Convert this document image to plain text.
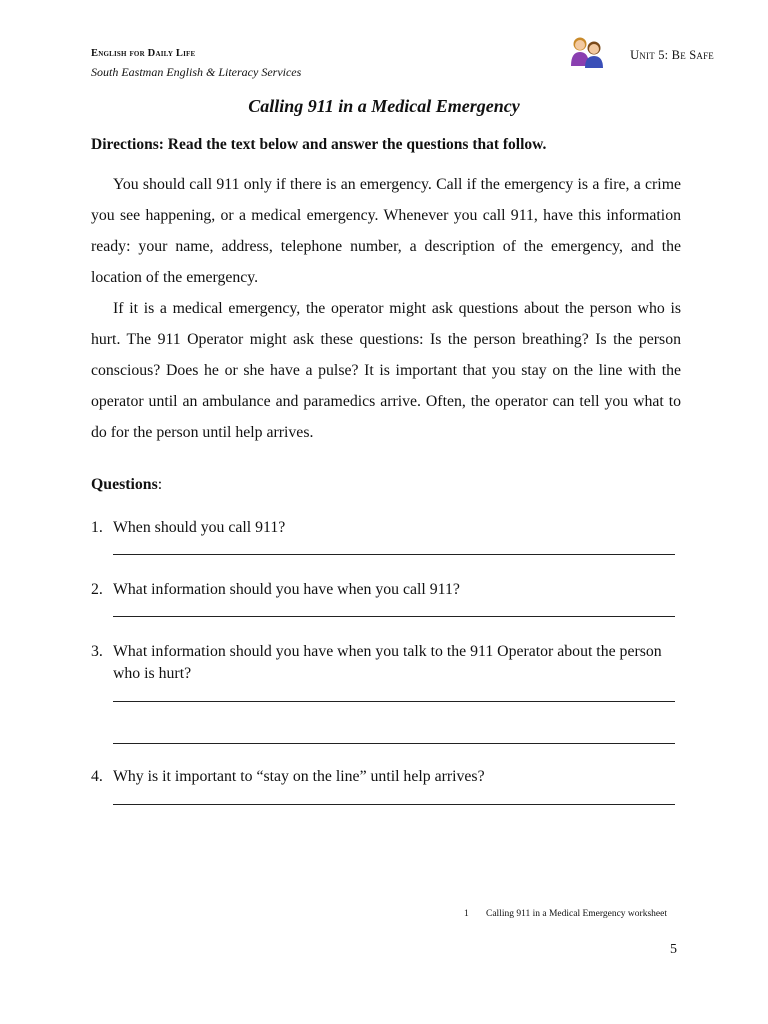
English for Daily Life
South Eastman English & Literacy Services
Unit 5: Be Safe
Calling 911 in a Medical Emergency
Directions: Read the text below and answer the questions that follow.
You should call 911 only if there is an emergency. Call if the emergency is a fire, a crime you see happening, or a medical emergency. Whenever you call 911, have this information ready: your name, address, telephone number, a description of the emergency, and the location of the emergency.
If it is a medical emergency, the operator might ask questions about the person who is hurt. The 911 Operator might ask these questions: Is the person breathing? Is the person conscious? Does he or she have a pulse? It is important that you stay on the line with the operator until an ambulance and paramedics arrive. Often, the operator can tell you what to do for the person until help arrives.
Questions:
1. When should you call 911?
2. What information should you have when you call 911?
3. What information should you have when you talk to the 911 Operator about the person who is hurt?
4. Why is it important to “stay on the line” until help arrives?
1 Calling 911 in a Medical Emergency worksheet
5
